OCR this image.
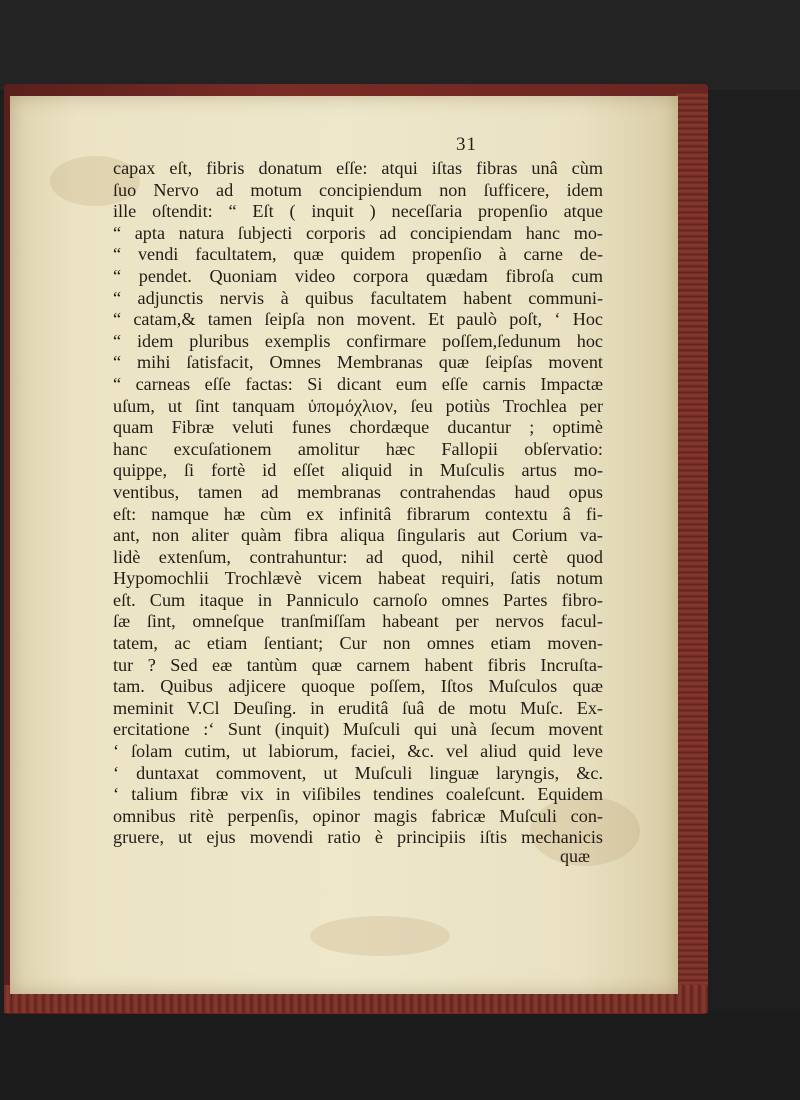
31
capax eſt, fibris donatum eſſe: atqui iſtas fibras unâ cùm
ſuo Nervo ad motum concipiendum non ſufficere, idem
ille oſtendit: “ Eſt ( inquit ) neceſſaria propenſio atque
“ apta natura ſubjecti corporis ad concipiendam hanc mo-
“ vendi facultatem, quæ quidem propenſio à carne de-
“ pendet. Quoniam video corpora quædam fibroſa cum
“ adjunctis nervis à quibus facultatem habent communi-
“ catam,& tamen ſeipſa non movent. Et paulò poſt, ‘ Hoc
“ idem pluribus exemplis confirmare poſſem,ſedunum hoc
“ mihi ſatisfacit, Omnes Membranas quæ ſeipſas movent
“ carneas eſſe factas: Si dicant eum eſſe carnis Impactæ
uſum, ut ſint tanquam ὑπομόχλιον, ſeu potiùs Trochlea per
quam Fibræ veluti funes chordæque ducantur ; optimè
hanc excuſationem amolitur hæc Fallopii obſervatio:
quippe, ſi fortè id eſſet aliquid in Muſculis artus mo-
ventibus, tamen ad membranas contrahendas haud opus
eſt: namque hæ cùm ex infinitâ fibrarum contextu â fi-
ant, non aliter quàm fibra aliqua ſingularis aut Corium va-
lidè extenſum, contrahuntur: ad quod, nihil certè quod
Hypomochlii Trochlævè vicem habeat requiri, ſatis notum
eſt. Cum itaque in Panniculo carnoſo omnes Partes fibro-
ſæ ſint, omneſque tranſmiſſam habeant per nervos facul-
tatem, ac etiam ſentiant; Cur non omnes etiam moven-
tur ? Sed eæ tantùm quæ carnem habent fibris Incruſta-
tam. Quibus adjicere quoque poſſem, Iſtos Muſculos quæ
meminit V.Cl Deuſing. in eruditâ ſuâ de motu Muſc. Ex-
ercitatione :‘ Sunt (inquit) Muſculi qui unà ſecum movent
‘ ſolam cutim, ut labiorum, faciei, &c. vel aliud quid leve
‘ duntaxat commovent, ut Muſculi linguæ laryngis, &c.
‘ talium fibræ vix in viſibiles tendines coaleſcunt. Equidem
omnibus ritè perpenſis, opinor magis fabricæ Muſculi con-
gruere, ut ejus movendi ratio è principiis iſtis mechanicis
quæ
